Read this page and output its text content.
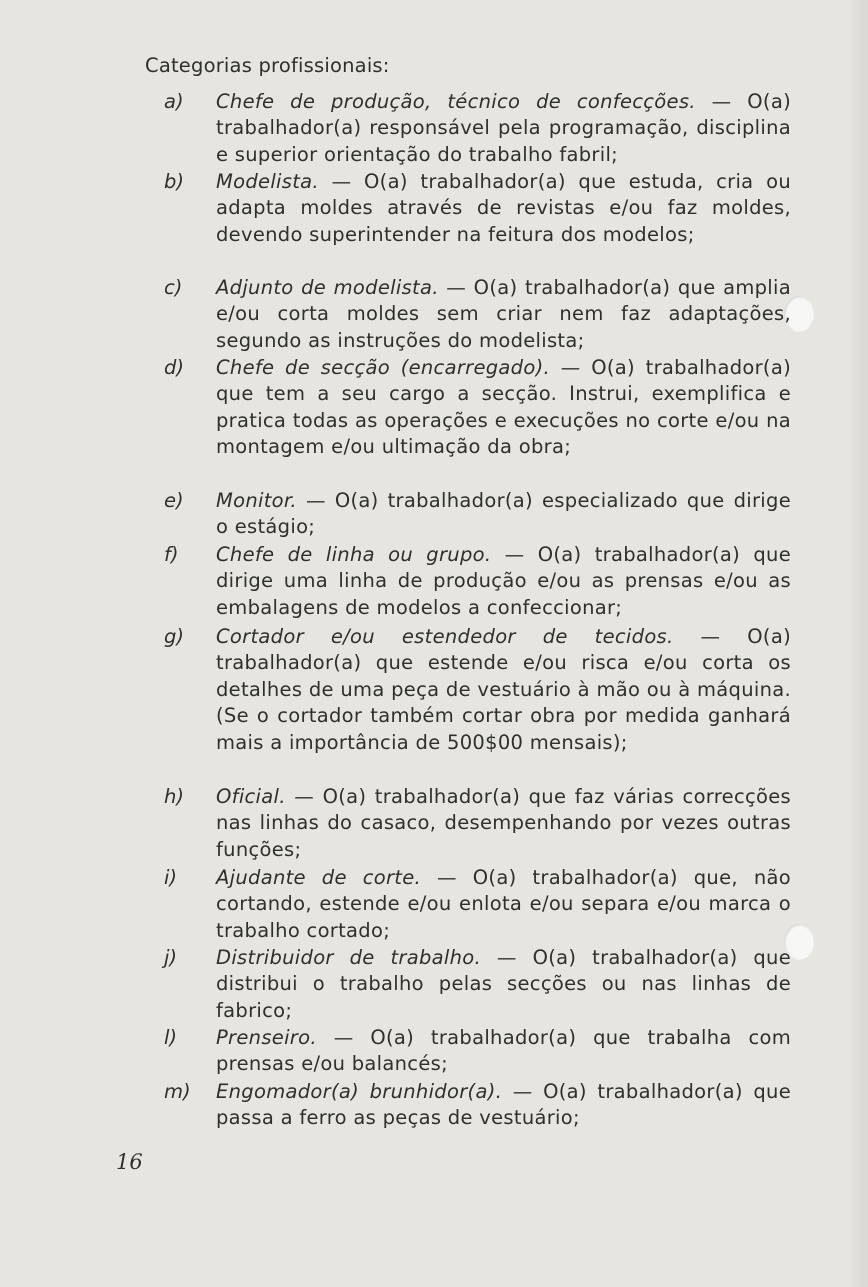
Categorias profissionais:
a) Chefe de produção, técnico de confecções. — O(a) trabalhador(a) responsável pela programação, disciplina e superior orientação do trabalho fabril;
b) Modelista. — O(a) trabalhador(a) que estuda, cria ou adapta moldes através de revistas e/ou faz moldes, devendo superintender na feitura dos modelos;
c) Adjunto de modelista. — O(a) trabalhador(a) que amplia e/ou corta moldes sem criar nem faz adaptações, segundo as instruções do modelista;
d) Chefe de secção (encarregado). — O(a) trabalhador(a) que tem a seu cargo a secção. Instrui, exemplifica e pratica todas as operações e execuções no corte e/ou na montagem e/ou ultimação da obra;
e) Monitor. — O(a) trabalhador(a) especializado que dirige o estágio;
f) Chefe de linha ou grupo. — O(a) trabalhador(a) que dirige uma linha de produção e/ou as prensas e/ou as embalagens de modelos a confeccionar;
g) Cortador e/ou estendedor de tecidos. — O(a) trabalhador(a) que estende e/ou risca e/ou corta os detalhes de uma peça de vestuário à mão ou à máquina. (Se o cortador também cortar obra por medida ganhará mais a importância de 500$00 mensais);
h) Oficial. — O(a) trabalhador(a) que faz várias correcções nas linhas do casaco, desempenhando por vezes outras funções;
i) Ajudante de corte. — O(a) trabalhador(a) que, não cortando, estende e/ou enlota e/ou separa e/ou marca o trabalho cortado;
j) Distribuidor de trabalho. — O(a) trabalhador(a) que distribui o trabalho pelas secções ou nas linhas de fabrico;
l) Prenseiro. — O(a) trabalhador(a) que trabalha com prensas e/ou balancés;
m) Engomador(a) brunhidor(a). — O(a) trabalhador(a) que passa a ferro as peças de vestuário;
16
